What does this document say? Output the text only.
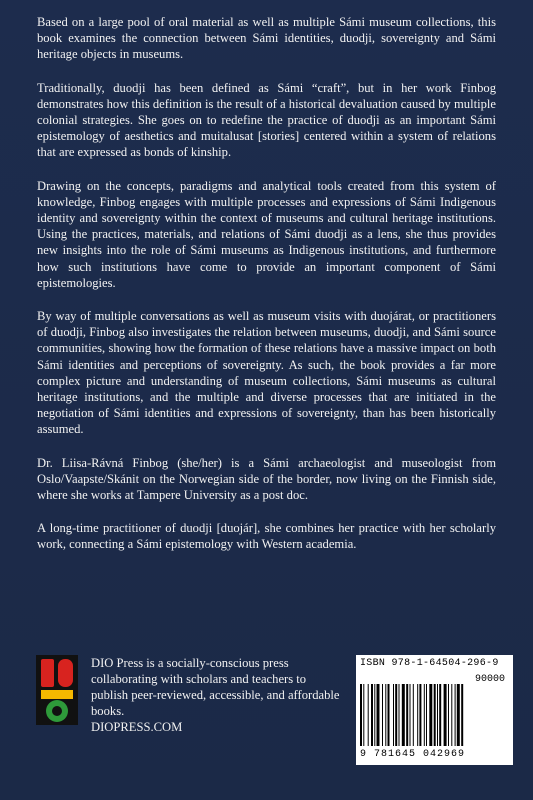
Based on a large pool of oral material as well as multiple Sámi museum collections, this book examines the connection between Sámi identities, duodji, sovereignty and Sámi heritage objects in museums.

Traditionally, duodji has been defined as Sámi “craft”, but in her work Finbog demonstrates how this definition is the result of a historical devaluation caused by multiple colonial strategies. She goes on to redefine the practice of duodji as an important Sámi epistemology of aesthetics and muitalusat [stories] centered within a system of relations that are expressed as bonds of kinship.

Drawing on the concepts, paradigms and analytical tools created from this system of knowledge, Finbog engages with multiple processes and expressions of Sámi Indigenous identity and sovereignty within the context of museums and cultural heritage institutions. Using the practices, materials, and relations of Sámi duodji as a lens, she thus provides new insights into the role of Sámi museums as Indigenous institutions, and furthermore how such institutions have come to provide an important component of Sámi epistemologies.

By way of multiple conversations as well as museum visits with duojárat, or practitioners of duodji, Finbog also investigates the relation between museums, duodji, and Sámi source communities, showing how the formation of these relations have a massive impact on both Sámi identities and perceptions of sovereignty. As such, the book provides a far more complex picture and understanding of museum collections, Sámi museums as cultural heritage institutions, and the multiple and diverse processes that are initiated in the negotiation of Sámi identities and expressions of sovereignty, than has been historically assumed.

Dr. Liisa-Rávná Finbog (she/her) is a Sámi archaeologist and museologist from Oslo/Vaapste/Skánit on the Norwegian side of the border, now living on the Finnish side, where she works at Tampere University as a post doc.

A long-time practitioner of duodji [duojár], she combines her practice with her scholarly work, connecting a Sámi epistemology with Western academia.

DIO Press is a socially-conscious press collaborating with scholars and teachers to publish peer-reviewed, accessible, and affordable books.

DIOPRESS.COM

ISBN 978-1-64504-296-9
90000
9 781645 042969
